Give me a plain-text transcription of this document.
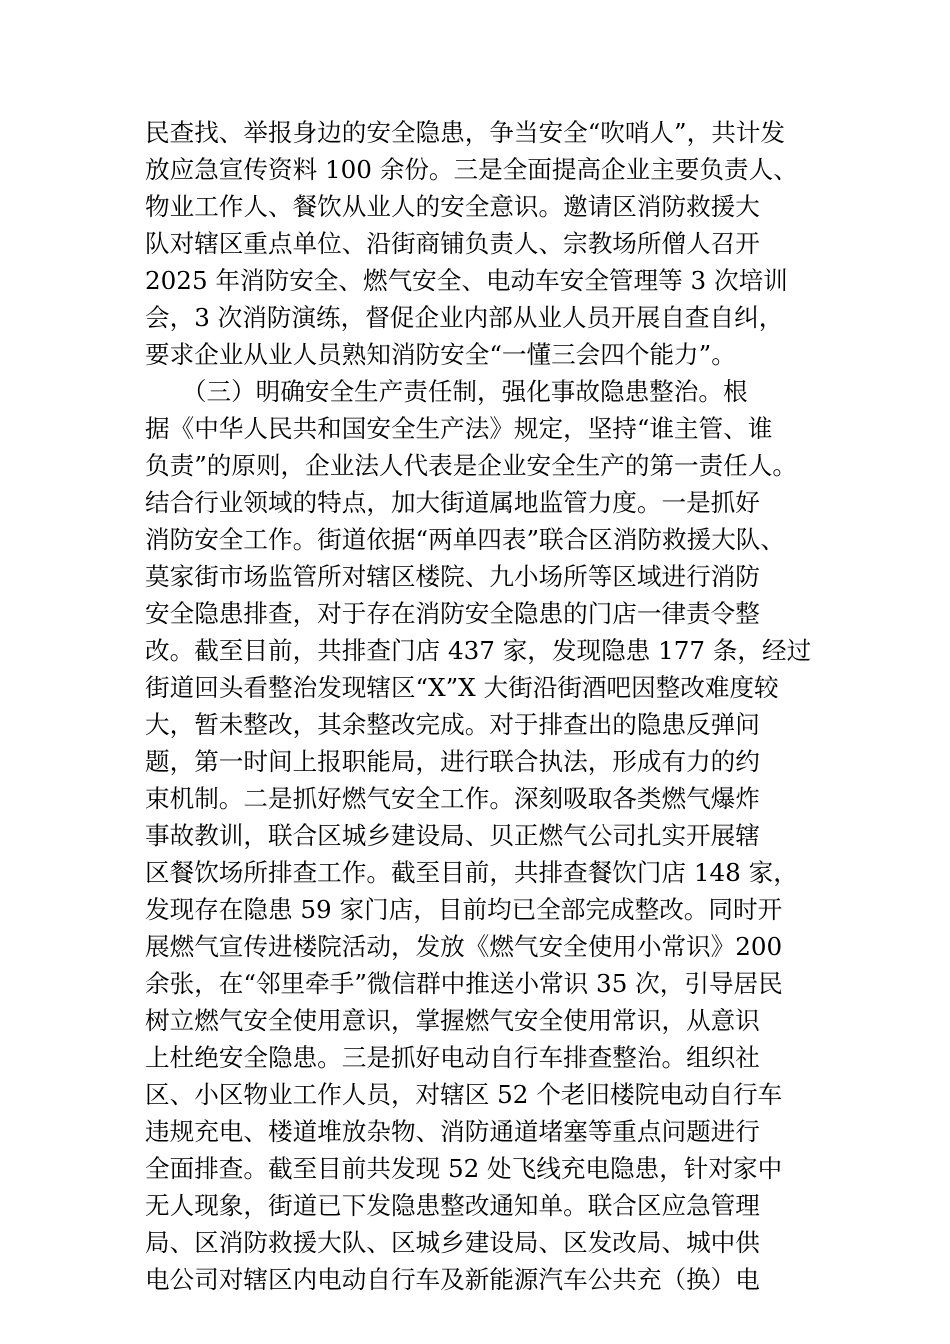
民查找、举报身边的安全隐患，争当安全“吹哨人”，共计发
放应急宣传资料 100 余份。三是全面提高企业主要负责人、
物业工作人、餐饮从业人的安全意识。邀请区消防救援大
队对辖区重点单位、沿街商铺负责人、宗教场所僧人召开
2025 年消防安全、燃气安全、电动车安全管理等 3 次培训
会，3 次消防演练，督促企业内部从业人员开展自查自纠，
要求企业从业人员熟知消防安全“一懂三会四个能力”。
　　（三）明确安全生产责任制，强化事故隐患整治。根
据《中华人民共和国安全生产法》规定，坚持“谁主管、谁
负责”的原则，企业法人代表是企业安全生产的第一责任人。
结合行业领域的特点，加大街道属地监管力度。一是抓好
消防安全工作。街道依据“两单四表”联合区消防救援大队、
莫家街市场监管所对辖区楼院、九小场所等区域进行消防
安全隐患排查，对于存在消防安全隐患的门店一律责令整
改。截至目前，共排查门店 437 家，发现隐患 177 条，经过
街道回头看整治发现辖区“X”X 大街沿街酒吧因整改难度较
大，暂未整改，其余整改完成。对于排查出的隐患反弹问
题，第一时间上报职能局，进行联合执法，形成有力的约
束机制。二是抓好燃气安全工作。深刻吸取各类燃气爆炸
事故教训，联合区城乡建设局、贝正燃气公司扎实开展辖
区餐饮场所排查工作。截至目前，共排查餐饮门店 148 家，
发现存在隐患 59 家门店，目前均已全部完成整改。同时开
展燃气宣传进楼院活动，发放《燃气安全使用小常识》200
余张，在“邻里牵手”微信群中推送小常识 35 次，引导居民
树立燃气安全使用意识，掌握燃气安全使用常识，从意识
上杜绝安全隐患。三是抓好电动自行车排查整治。组织社
区、小区物业工作人员，对辖区 52 个老旧楼院电动自行车
违规充电、楼道堆放杂物、消防通道堵塞等重点问题进行
全面排查。截至目前共发现 52 处飞线充电隐患，针对家中
无人现象，街道已下发隐患整改通知单。联合区应急管理
局、区消防救援大队、区城乡建设局、区发改局、城中供
电公司对辖区内电动自行车及新能源汽车公共充（换）电
